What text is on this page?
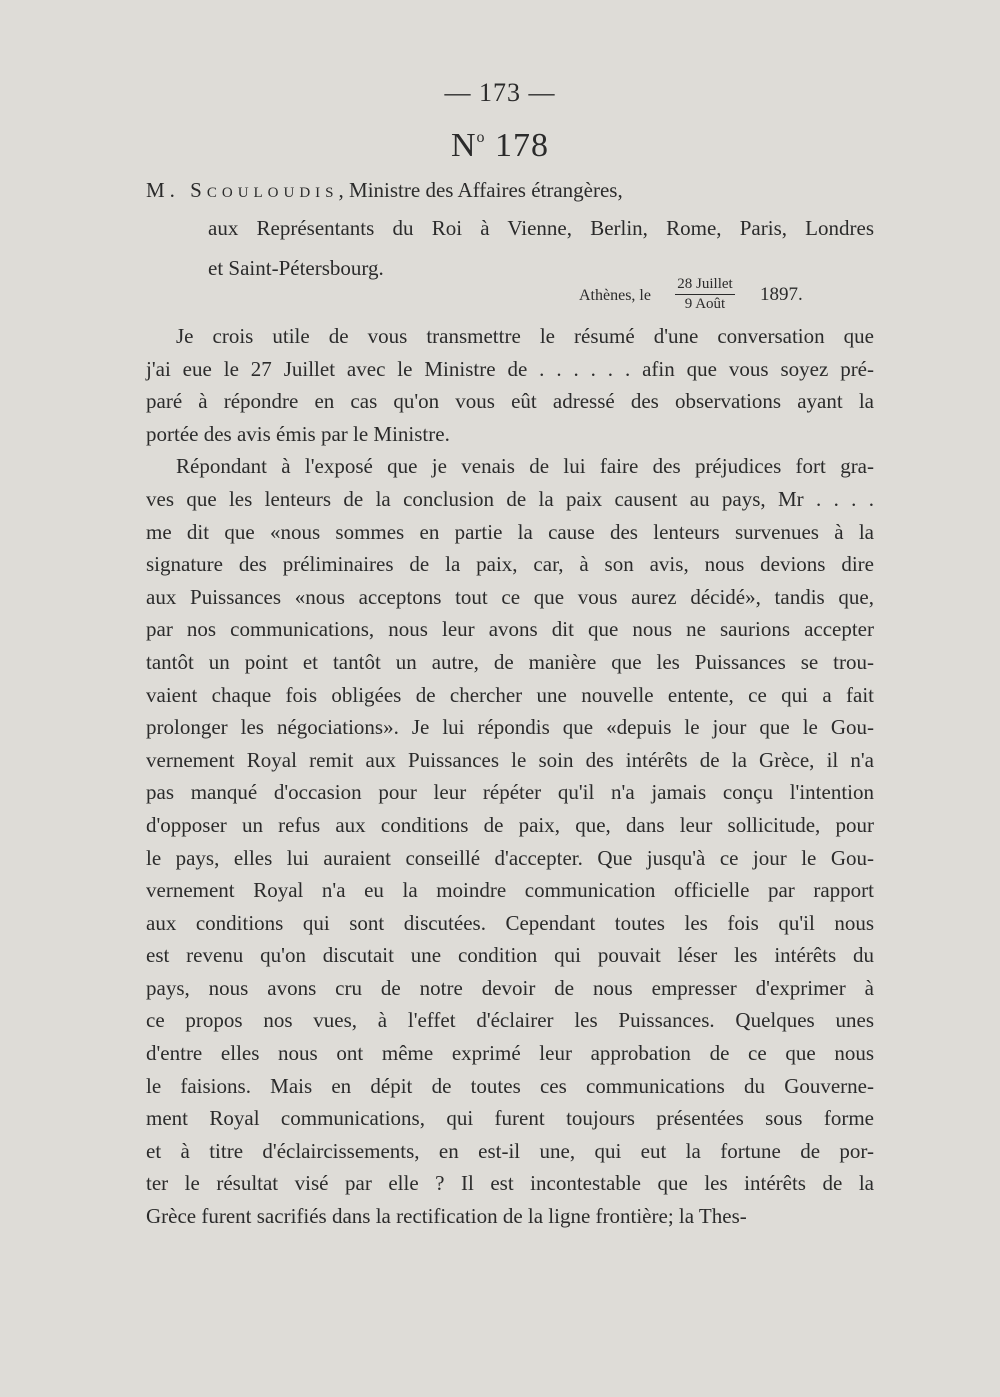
— 173 —
$N^o$ 178
M. Scouloudis, Ministre des Affaires étrangères,
aux Représentants du Roi à Vienne, Berlin, Rome, Paris, Londres
et Saint-Pétersbourg.
Athènes, le
28 Juillet
9 Août	1897.
Je crois utile de vous transmettre le résumé d'une conversation que
j'ai eue le 27 Juillet avec le Ministre de . . . . . . afin que vous soyez pré-
paré à répondre en cas qu'on vous eût adressé des observations ayant la
portée des avis émis par le Ministre.
Répondant à l'exposé que je venais de lui faire des préjudices fort gra-
ves que les lenteurs de la conclusion de la paix causent au pays, Mr . . . .
me dit que «nous sommes en partie la cause des lenteurs survenues à la
signature des préliminaires de la paix, car, à son avis, nous devions dire
aux Puissances «nous acceptons tout ce que vous aurez décidé», tandis que,
par nos communications, nous leur avons dit que nous ne saurions accepter
tantôt un point et tantôt un autre, de manière que les Puissances se trou-
vaient chaque fois obligées de chercher une nouvelle entente, ce qui a fait
prolonger les négociations». Je lui répondis que «depuis le jour que le Gou-
vernement Royal remit aux Puissances le soin des intérêts de la Grèce, il n'a
pas manqué d'occasion pour leur répéter qu'il n'a jamais conçu l'intention
d'opposer un refus aux conditions de paix, que, dans leur sollicitude, pour
le pays, elles lui auraient conseillé d'accepter. Que jusqu'à ce jour le Gou-
vernement Royal n'a eu la moindre communication officielle par rapport
aux conditions qui sont discutées. Cependant toutes les fois qu'il nous
est revenu qu'on discutait une condition qui pouvait léser les intérêts du
pays, nous avons cru de notre devoir de nous empresser d'exprimer à
ce propos nos vues, à l'effet d'éclairer les Puissances. Quelques unes
d'entre elles nous ont même exprimé leur approbation de ce que nous
le faisions. Mais en dépit de toutes ces communications du Gouverne-
ment Royal communications, qui furent toujours présentées sous forme
et à titre d'éclaircissements, en est-il une, qui eut la fortune de por-
ter le résultat visé par elle ? Il est incontestable que les intérêts de la
Grèce furent sacrifiés dans la rectification de la ligne frontière; la Thes-
